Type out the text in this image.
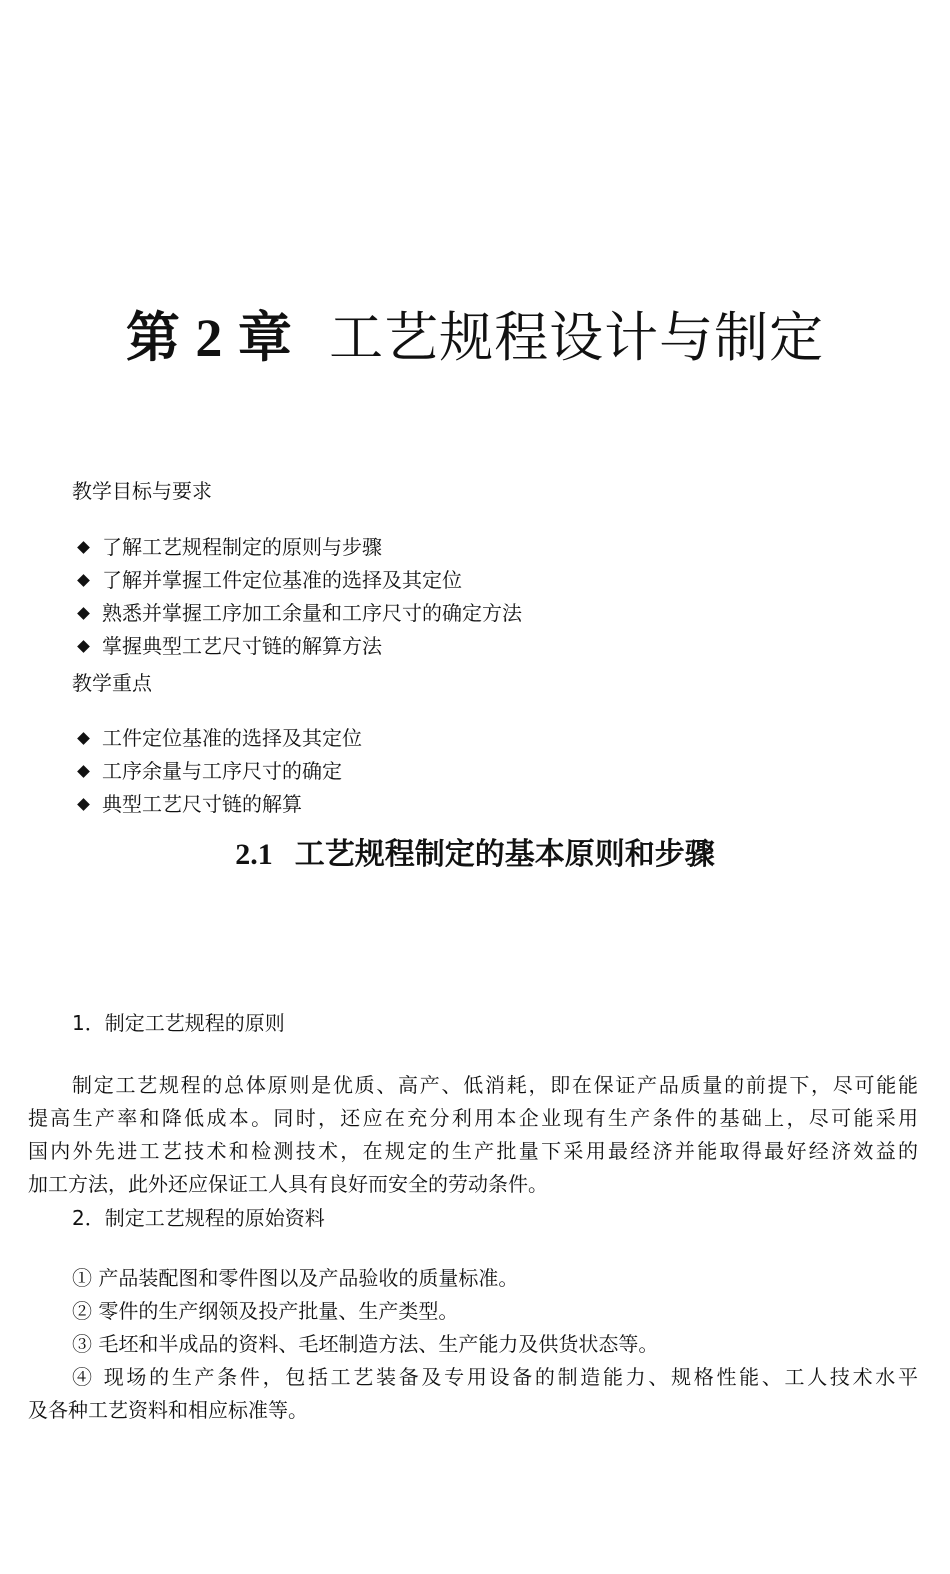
第 2 章 工艺规程设计与制定
教学目标与要求
了解工艺规程制定的原则与步骤
了解并掌握工件定位基准的选择及其定位
熟悉并掌握工序加工余量和工序尺寸的确定方法
掌握典型工艺尺寸链的解算方法
教学重点
工件定位基准的选择及其定位
工序余量与工序尺寸的确定
典型工艺尺寸链的解算
2.1 工艺规程制定的基本原则和步骤
1．制定工艺规程的原则
制定工艺规程的总体原则是优质、高产、低消耗，即在保证产品质量的前提下，尽可能能
提高生产率和降低成本。同时，还应在充分利用本企业现有生产条件的基础上，尽可能采用
国内外先进工艺技术和检测技术，在规定的生产批量下采用最经济并能取得最好经济效益的
加工方法，此外还应保证工人具有良好而安全的劳动条件。
2．制定工艺规程的原始资料
① 产品装配图和零件图以及产品验收的质量标准。
② 零件的生产纲领及投产批量、生产类型。
③ 毛坯和半成品的资料、毛坯制造方法、生产能力及供货状态等。
④ 现场的生产条件，包括工艺装备及专用设备的制造能力、规格性能、工人技术水平
及各种工艺资料和相应标准等。
